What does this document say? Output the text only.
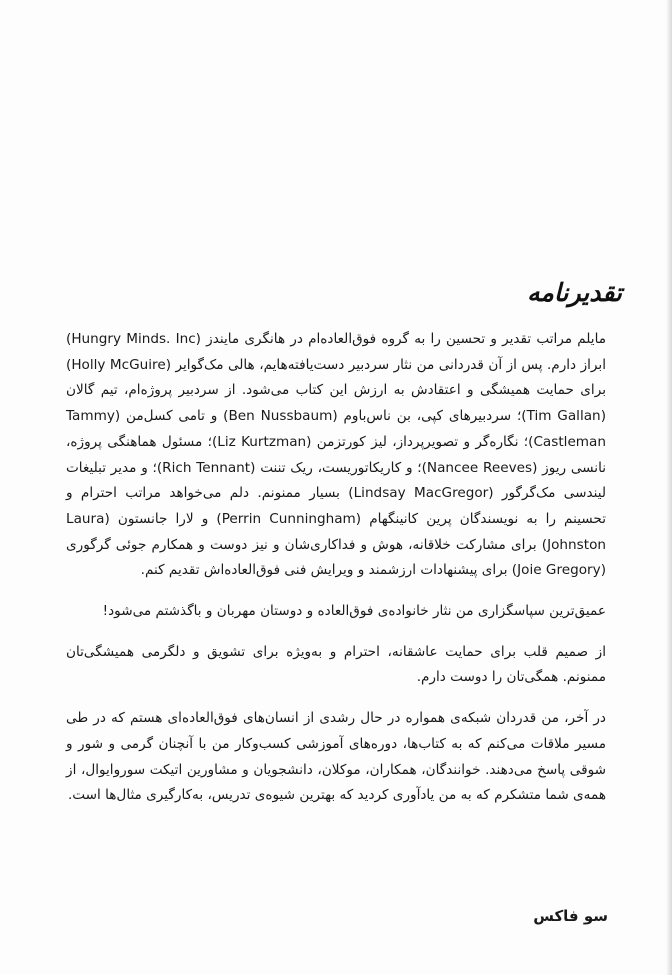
تقدیرنامه

مایلم مراتب تقدیر و تحسین را به گروه فوق‌العاده‌ام در هانگری مایندز (Hungry Minds. Inc) ابراز دارم. پس از آن قدردانی من نثار سردبیر دست‌یافته‌هایم، هالی مک‌گوایر (Holly McGuire) برای حمایت همیشگی و اعتقادش به ارزش این کتاب می‌شود. از سردبیر پروژه‌ام، تیم گالان (Tim Gallan)؛ سردبیرهای کپی، بن ناس‌باوم (Ben Nussbaum) و تامی کسل‌من (Tammy Castleman)؛ نگاره‌گر و تصویرپرداز، لیز کورتزمن (Liz Kurtzman)؛ مسئول هماهنگی پروژه، نانسی ریوز (Nancee Reeves)؛ و کاریکاتوریست، ریک تننت (Rich Tennant)؛ و مدیر تبلیغات لیندسی مک‌گرگور (Lindsay MacGregor) بسیار ممنونم. دلم می‌خواهد مراتب احترام و تحسینم را به نویسندگان پرین کانینگهام (Perrin Cunningham) و لارا جانستون (Laura Johnston) برای مشارکت خلاقانه، هوش و فداکاری‌شان و نیز دوست و همکارم جوئی گرگوری (Joie Gregory) برای پیشنهادات ارزشمند و ویرایش فنی فوق‌العاده‌اش تقدیم کنم.

عمیق‌ترین سپاسگزاری من نثار خانواده‌ی فوق‌العاده و دوستان مهربان و باگذشتم می‌شود!

از صمیم قلب برای حمایت عاشقانه، احترام و به‌ویژه برای تشویق و دلگرمی همیشگی‌تان ممنونم. همگی‌تان را دوست دارم.

در آخر، من قدردان شبکه‌ی همواره در حال رشدی از انسان‌های فوق‌العاده‌ای هستم که در طی مسیر ملاقات می‌کنم که به کتاب‌ها، دوره‌های آموزشی کسب‌وکار من با آنچنان گرمی و شور و شوقی پاسخ می‌دهند. خوانندگان، همکاران، موکلان، دانشجویان و مشاورین اتیکت سوروایوال، از همه‌ی شما متشکرم که به من یادآوری کردید که بهترین شیوه‌ی تدریس، به‌کارگیری مثال‌ها است.

سو فاکس
